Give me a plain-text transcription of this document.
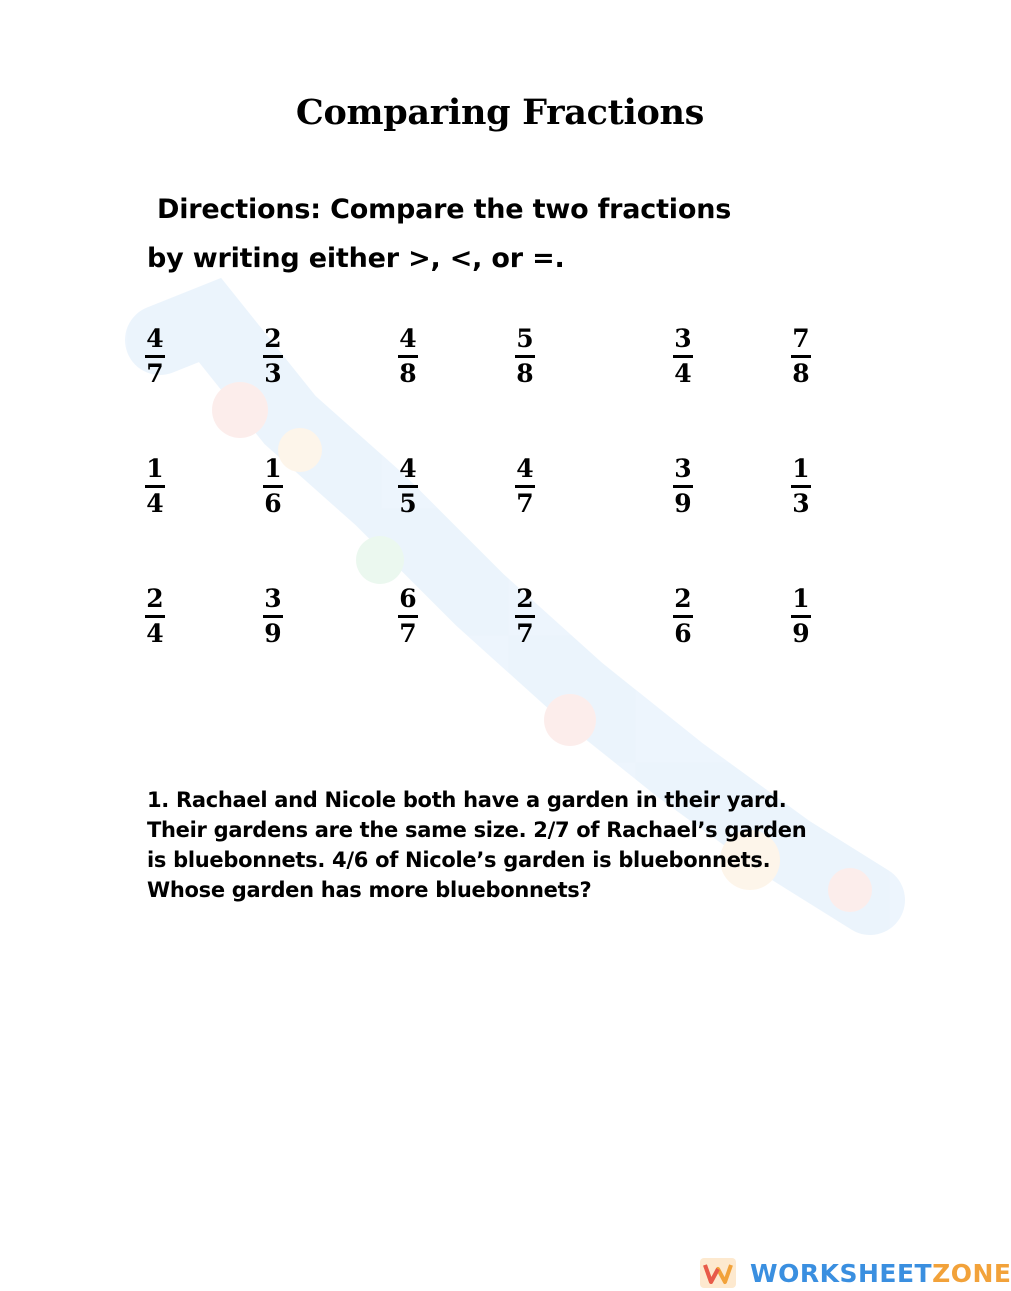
Comparing Fractions
Directions: Compare the two fractions
by writing either >, <, or =.
4
7
2
3
4
8
5
8
3
4
7
8
1
4
1
6
4
5
4
7
3
9
1
3
2
4
3
9
6
7
2
7
2
6
1
9
1. Rachael and Nicole both have a garden in their yard.
Their gardens are the same size. 2/7 of Rachael’s garden
is bluebonnets. 4/6 of Nicole’s garden is bluebonnets.
Whose garden has more bluebonnets?
WORKSHEET ZONE
